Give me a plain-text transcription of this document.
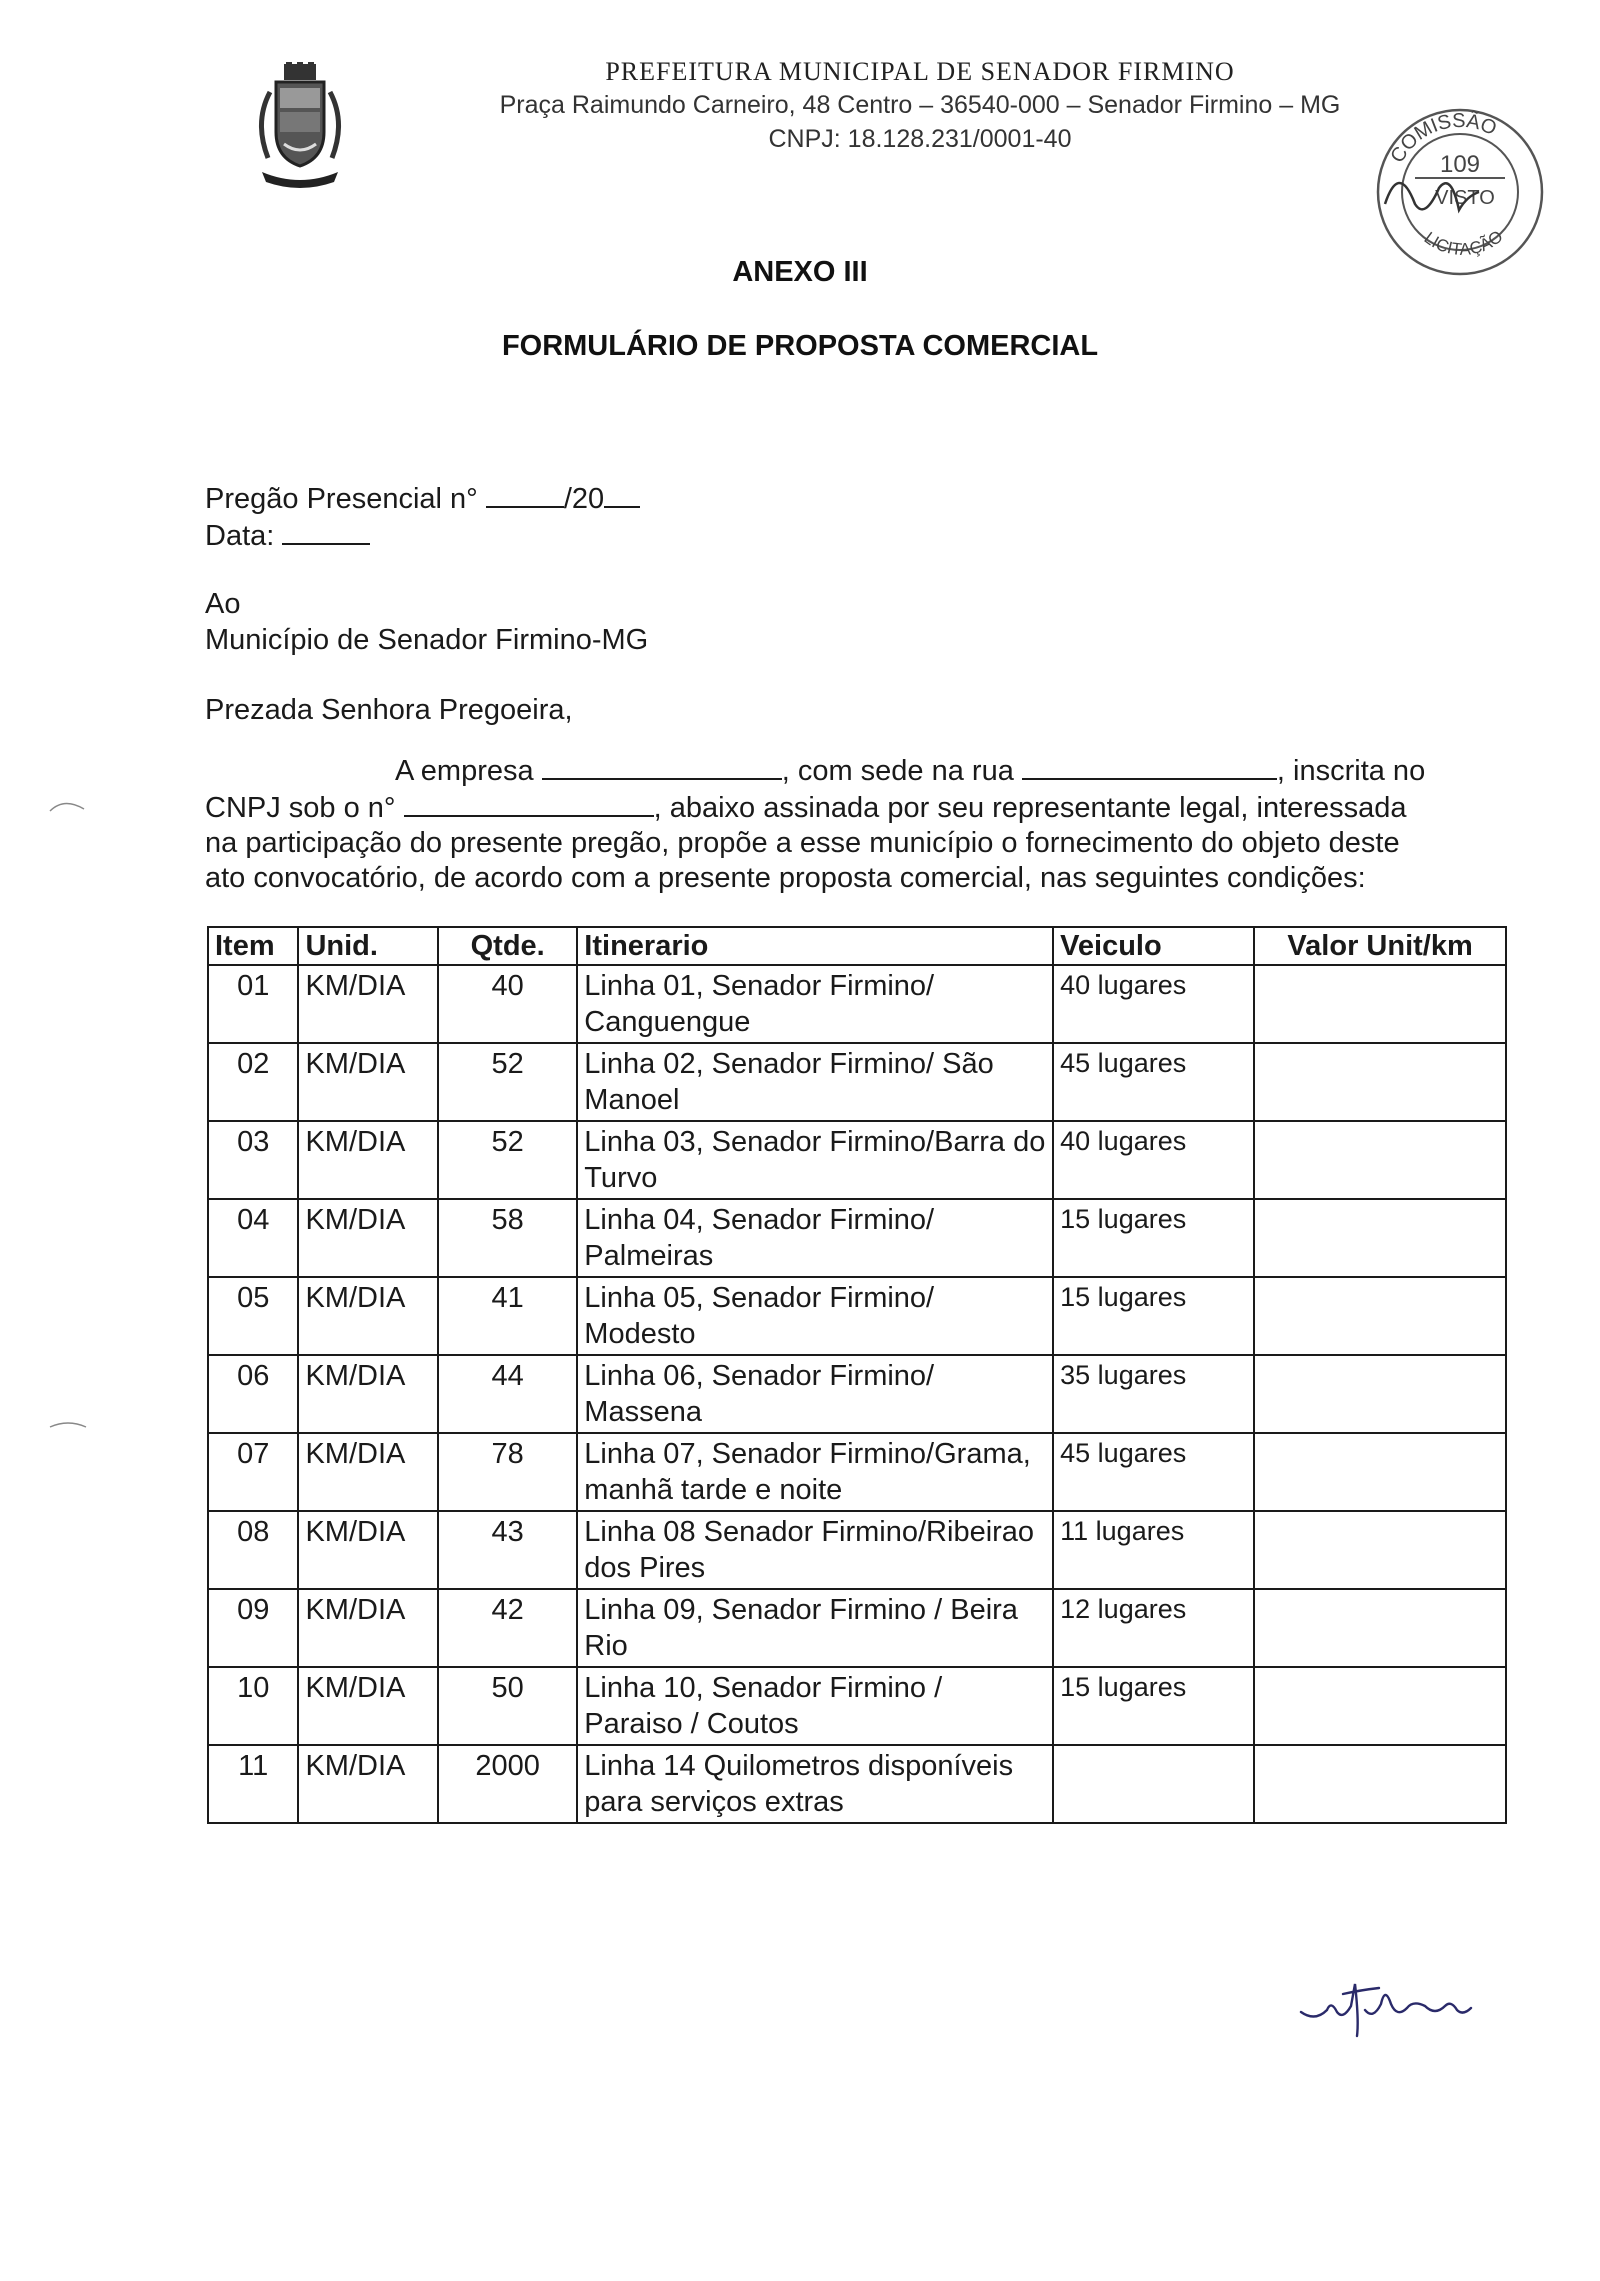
PREFEITURA MUNICIPAL DE SENADOR FIRMINO
Praça Raimundo Carneiro, 48 Centro – 36540-000 – Senador Firmino – MG
CNPJ: 18.128.231/0001-40
COMISSÃO
109
VISTO
LICITAÇÃO
ANEXO III
FORMULÁRIO DE PROPOSTA COMERCIAL
Pregão Presencial n°	/20
Data:
Ao
Município de Senador Firmino-MG
Prezada Senhora Pregoeira,
A empresa	, com sede na rua	, inscrita no
CNPJ sob o n°	, abaixo assinada por seu representante legal, interessada
na participação do presente pregão, propõe a esse município o fornecimento do objeto deste
ato convocatório, de acordo com a presente proposta comercial, nas seguintes condições:
Item	Unid.	Qtde.	Itinerario	Veiculo	Valor Unit/km
01	KM/DIA	40	Linha 01, Senador Firmino/ Canguengue	40 lugares	
02	KM/DIA	52	Linha 02, Senador Firmino/ São Manoel	45 lugares	
03	KM/DIA	52	Linha 03, Senador Firmino/Barra do Turvo	40 lugares	
04	KM/DIA	58	Linha 04, Senador Firmino/ Palmeiras	15 lugares	
05	KM/DIA	41	Linha 05, Senador Firmino/ Modesto	15 lugares	
06	KM/DIA	44	Linha 06, Senador Firmino/ Massena	35 lugares	
07	KM/DIA	78	Linha 07, Senador Firmino/Grama, manhã tarde e noite	45 lugares	
08	KM/DIA	43	Linha 08 Senador Firmino/Ribeirao dos Pires	11 lugares	
09	KM/DIA	42	Linha 09, Senador Firmino / Beira Rio	12 lugares	
10	KM/DIA	50	Linha 10, Senador Firmino / Paraiso / Coutos	15 lugares	
11	KM/DIA	2000	Linha 14 Quilometros disponíveis para serviços extras		
